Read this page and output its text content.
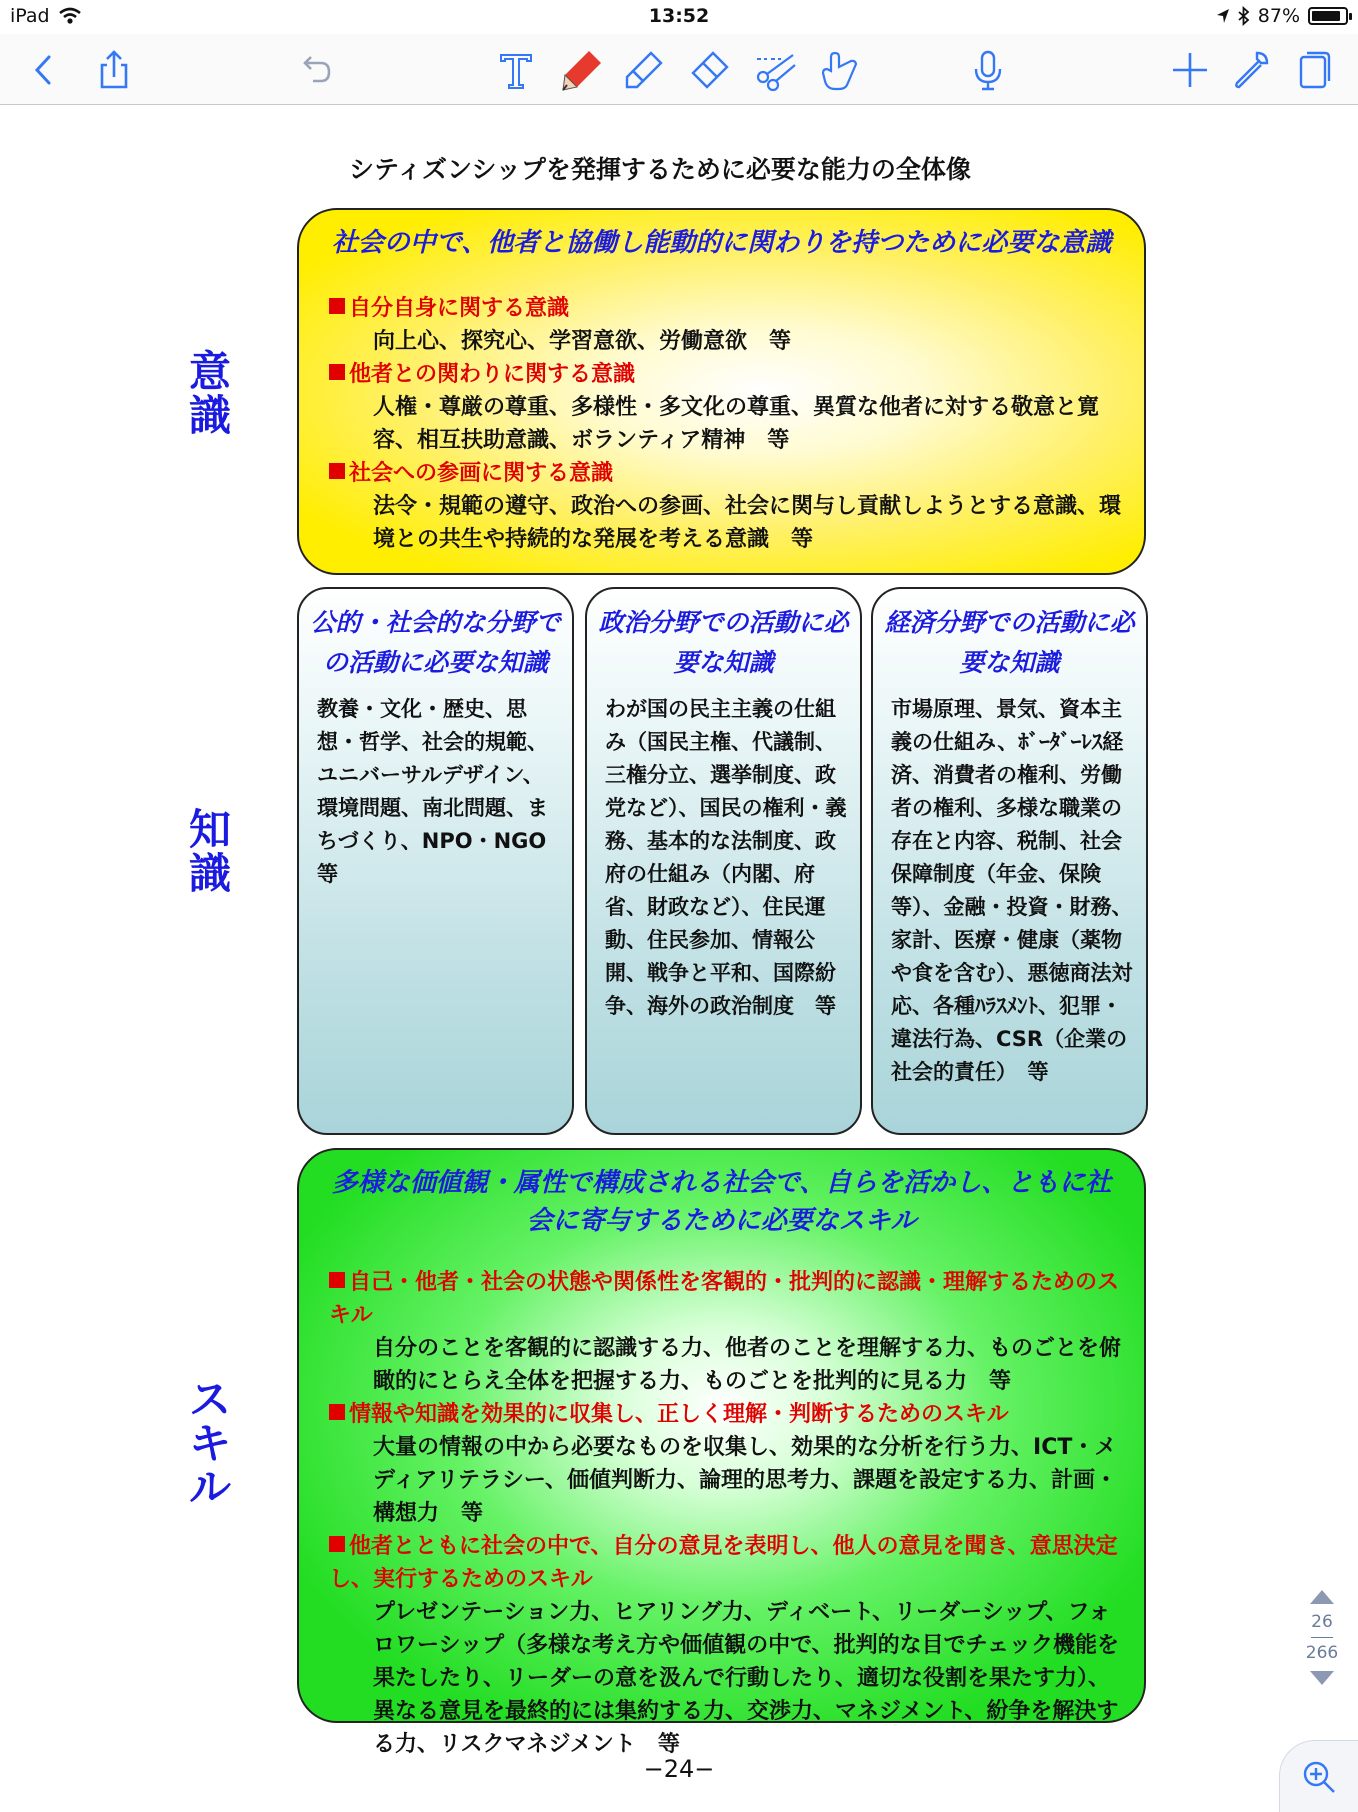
iPad	13:52	87%
シティズンシップを発揮するために必要な能力の全体像
意
識
知
識
ス
キ
ル
社会の中で、他者と協働し能動的に関わりを持つために必要な意識
自分自身に関する意識
向上心、探究心、学習意欲、労働意欲　等
他者との関わりに関する意識
人権・尊厳の尊重、多様性・多文化の尊重、異質な他者に対する敬意と寛容、相互扶助意識、ボランティア精神　等
社会への参画に関する意識
法令・規範の遵守、政治への参画、社会に関与し貢献しようとする意識、環境との共生や持続的な発展を考える意識　等
公的・社会的な分野での活動に必要な知識
教養・文化・歴史、思想・哲学、社会的規範、ユニバーサルデザイン、環境問題、南北問題、まちづくり、NPO・NGO　等
政治分野での活動に必要な知識
わが国の民主主義の仕組み（国民主権、代議制、三権分立、選挙制度、政党など）、国民の権利・義務、基本的な法制度、政府の仕組み（内閣、府省、財政など）、住民運動、住民参加、情報公開、戦争と平和、国際紛争、海外の政治制度　等
経済分野での活動に必要な知識
市場原理、景気、資本主義の仕組み、ﾎﾞｰﾀﾞｰﾚｽ経済、消費者の権利、労働者の権利、多様な職業の存在と内容、税制、社会保障制度（年金、保険等）、金融・投資・財務、家計、医療・健康（薬物や食を含む）、悪徳商法対応、各種ﾊﾗｽﾒﾝﾄ、犯罪・違法行為、CSR（企業の社会的責任）　等
多様な価値観・属性で構成される社会で、自らを活かし、ともに社会に寄与するために必要なスキル
自己・他者・社会の状態や関係性を客観的・批判的に認識・理解するためのスキル
自分のことを客観的に認識する力、他者のことを理解する力、ものごとを俯瞰的にとらえ全体を把握する力、ものごとを批判的に見る力　等
情報や知識を効果的に収集し、正しく理解・判断するためのスキル
大量の情報の中から必要なものを収集し、効果的な分析を行う力、ICT・メディアリテラシー、価値判断力、論理的思考力、課題を設定する力、計画・構想力　等
他者とともに社会の中で、自分の意見を表明し、他人の意見を聞き、意思決定し、実行するためのスキル
プレゼンテーション力、ヒアリング力、ディベート、リーダーシップ、フォロワーシップ（多様な考え方や価値観の中で、批判的な目でチェック機能を果たしたり、リーダーの意を汲んで行動したり、適切な役割を果たす力）、異なる意見を最終的には集約する力、交渉力、マネジメント、紛争を解決する力、リスクマネジメント　等
−24−
26
266
